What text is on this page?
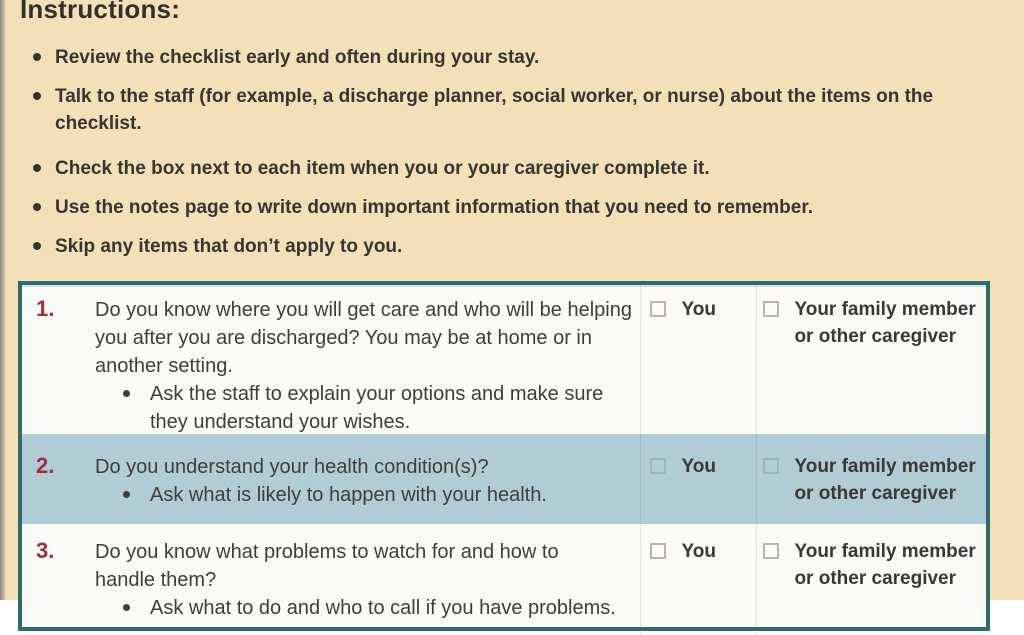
Instructions:
Review the checklist early and often during your stay.
Talk to the staff (for example, a discharge planner, social worker, or nurse) about the items on the checklist.
Check the box next to each item when you or your caregiver complete it.
Use the notes page to write down important information that you need to remember.
Skip any items that don’t apply to you.
1.	Do you know where you will get care and who will be helping you after you are discharged? You may be at home or in another setting.
Ask the staff to explain your options and make sure they understand your wishes.
You	Your family member or other caregiver
2.	Do you understand your health condition(s)?
Ask what is likely to happen with your health.
You	Your family member or other caregiver
3.	Do you know what problems to watch for and how to handle them?
Ask what to do and who to call if you have problems.
You	Your family member or other caregiver
